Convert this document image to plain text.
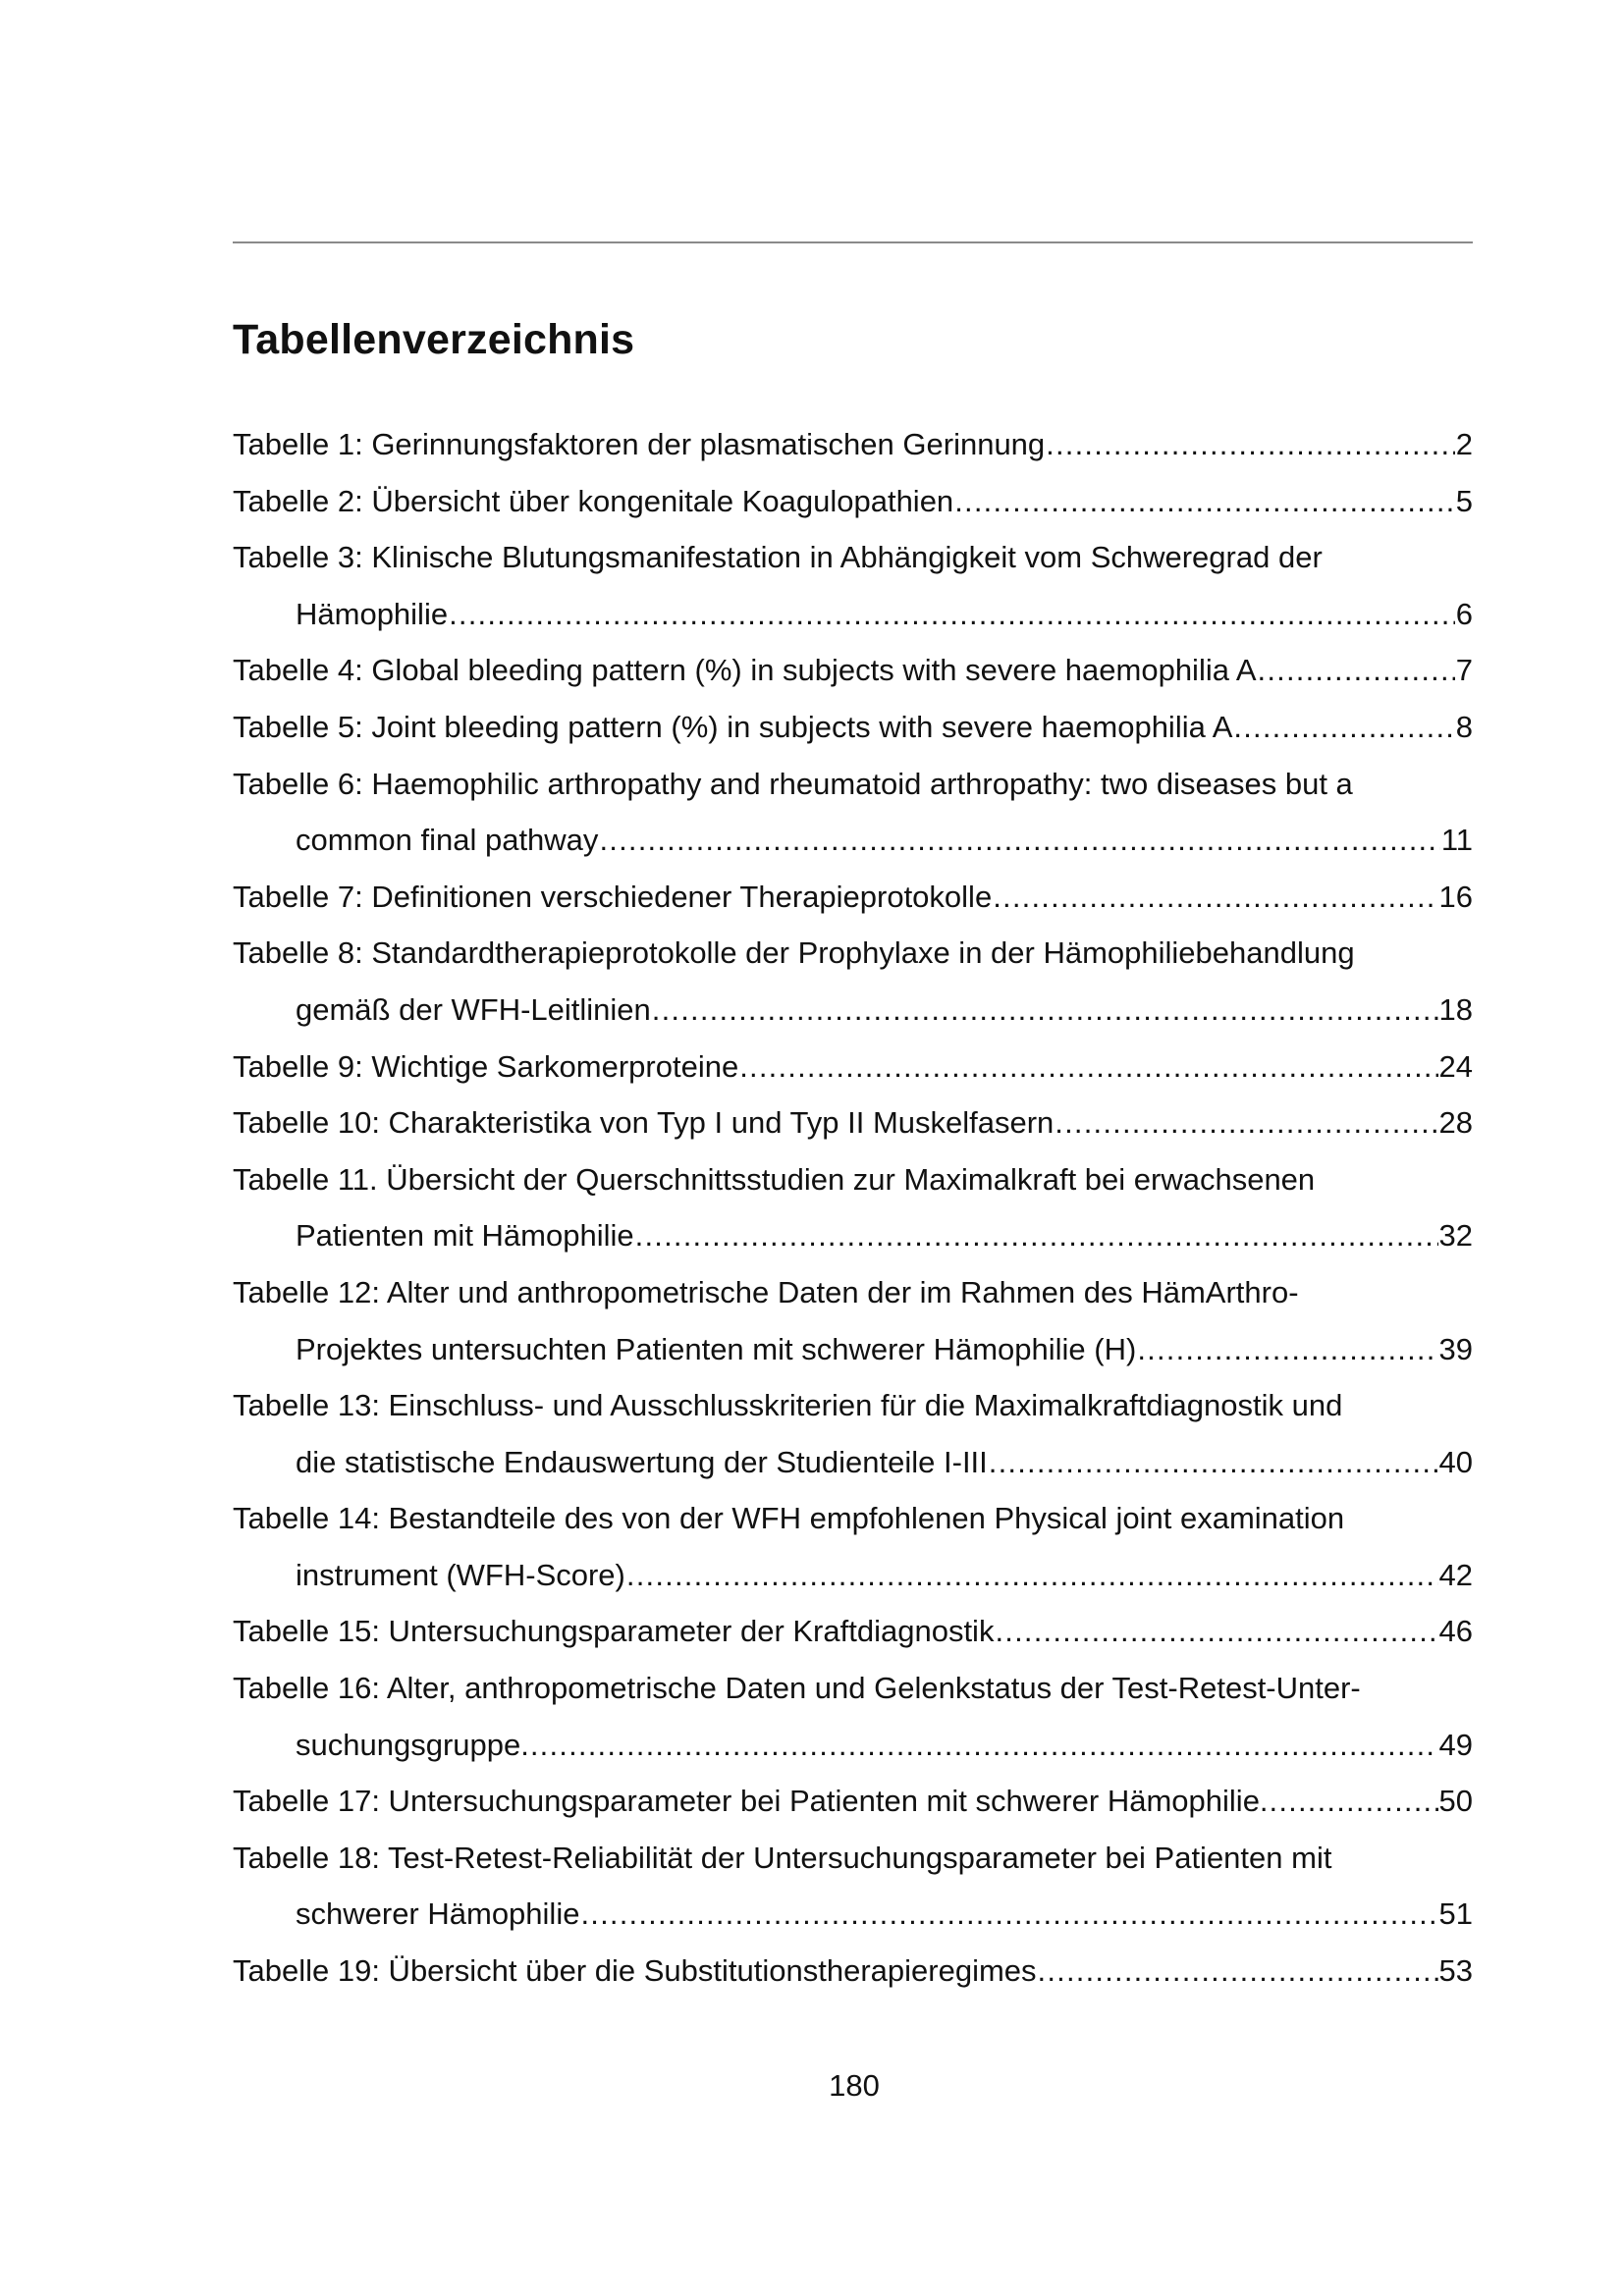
Tabellenverzeichnis
Tabelle 1: Gerinnungsfaktoren der plasmatischen Gerinnung .....	2
Tabelle 2: Übersicht über kongenitale Koagulopathien .....	5
Tabelle 3: Klinische Blutungsmanifestation in Abhängigkeit vom Schweregrad der
Hämophilie .....	6
Tabelle 4: Global bleeding pattern (%) in subjects with severe haemophilia A .....	7
Tabelle 5: Joint bleeding pattern (%) in subjects with severe haemophilia A .....	8
Tabelle 6: Haemophilic arthropathy and rheumatoid arthropathy: two diseases but a
common final pathway .....	11
Tabelle 7: Definitionen verschiedener Therapieprotokolle .....	16
Tabelle 8: Standardtherapieprotokolle der Prophylaxe in der Hämophiliebehandlung
gemäß der WFH-Leitlinien .....	18
Tabelle 9: Wichtige Sarkomerproteine .....	24
Tabelle 10: Charakteristika von Typ I und Typ II Muskelfasern .....	28
Tabelle 11. Übersicht der Querschnittsstudien zur Maximalkraft bei erwachsenen
Patienten mit Hämophilie .....	32
Tabelle 12: Alter und anthropometrische Daten der im Rahmen des HämArthro-
Projektes untersuchten Patienten mit schwerer Hämophilie (H) .....	39
Tabelle 13: Einschluss- und Ausschlusskriterien für die Maximalkraftdiagnostik und
die statistische Endauswertung der Studienteile I-III .....	40
Tabelle 14: Bestandteile des von der WFH empfohlenen Physical joint examination
instrument (WFH-Score) .....	42
Tabelle 15: Untersuchungsparameter der Kraftdiagnostik .....	46
Tabelle 16: Alter, anthropometrische Daten und Gelenkstatus der Test-Retest-Unter-
suchungsgruppe. .....	49
Tabelle 17: Untersuchungsparameter bei Patienten mit schwerer Hämophilie. .....	50
Tabelle 18: Test-Retest-Reliabilität der Untersuchungsparameter bei Patienten mit
schwerer Hämophilie .....	51
Tabelle 19: Übersicht über die Substitutionstherapieregimes .....	53
180
